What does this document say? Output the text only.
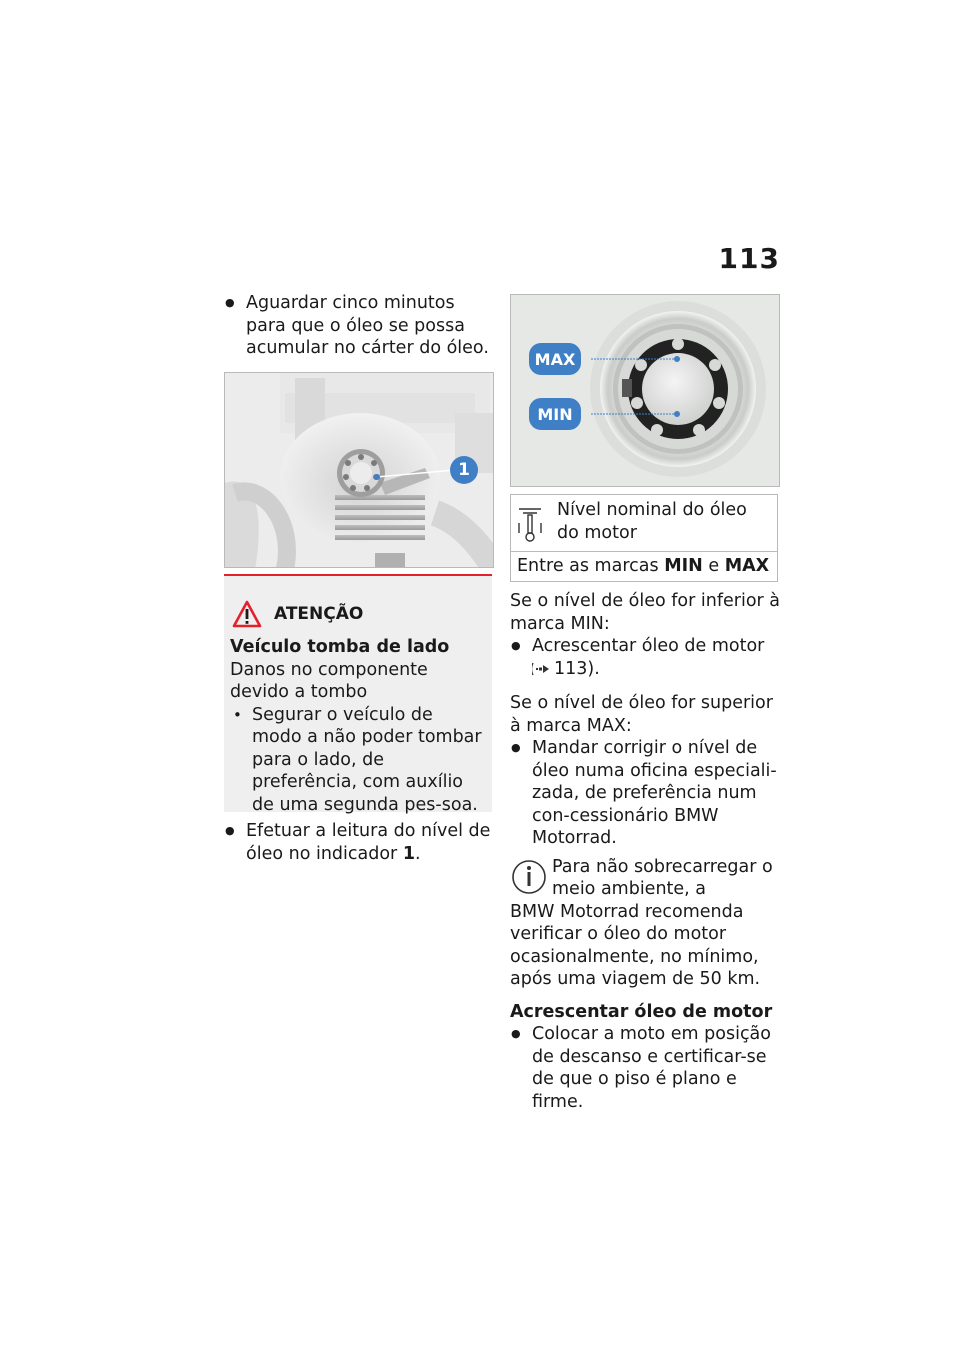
113
● Aguardar cinco minutos para que o óleo se possa acumular no cárter do óleo.
1
ATENÇÃO
Veículo tomba de lado
Danos no componente devido a tombo
• Segurar o veículo de modo a não poder tombar para o lado, de preferência, com auxílio de uma segunda pes-soa.
● Efetuar a leitura do nível de óleo no indicador 1.
MAX
MIN
Nível nominal do óleo do motor
Entre as marcas MIN e MAX
Se o nível de óleo for inferior à marca MIN:
● Acrescentar óleo de motor

113).
Se o nível de óleo for superior à marca MAX:
● Mandar corrigir o nível de óleo numa oficina especiali-zada, de preferência num con-cessionário BMW Motorrad.
Para não sobrecarregar o meio ambiente, a
BMW Motorrad recomenda verificar o óleo do motor ocasionalmente, no mínimo, após uma viagem de 50 km.
Acrescentar óleo de motor
● Colocar a moto em posição de descanso e certificar-se de que o piso é plano e firme.
